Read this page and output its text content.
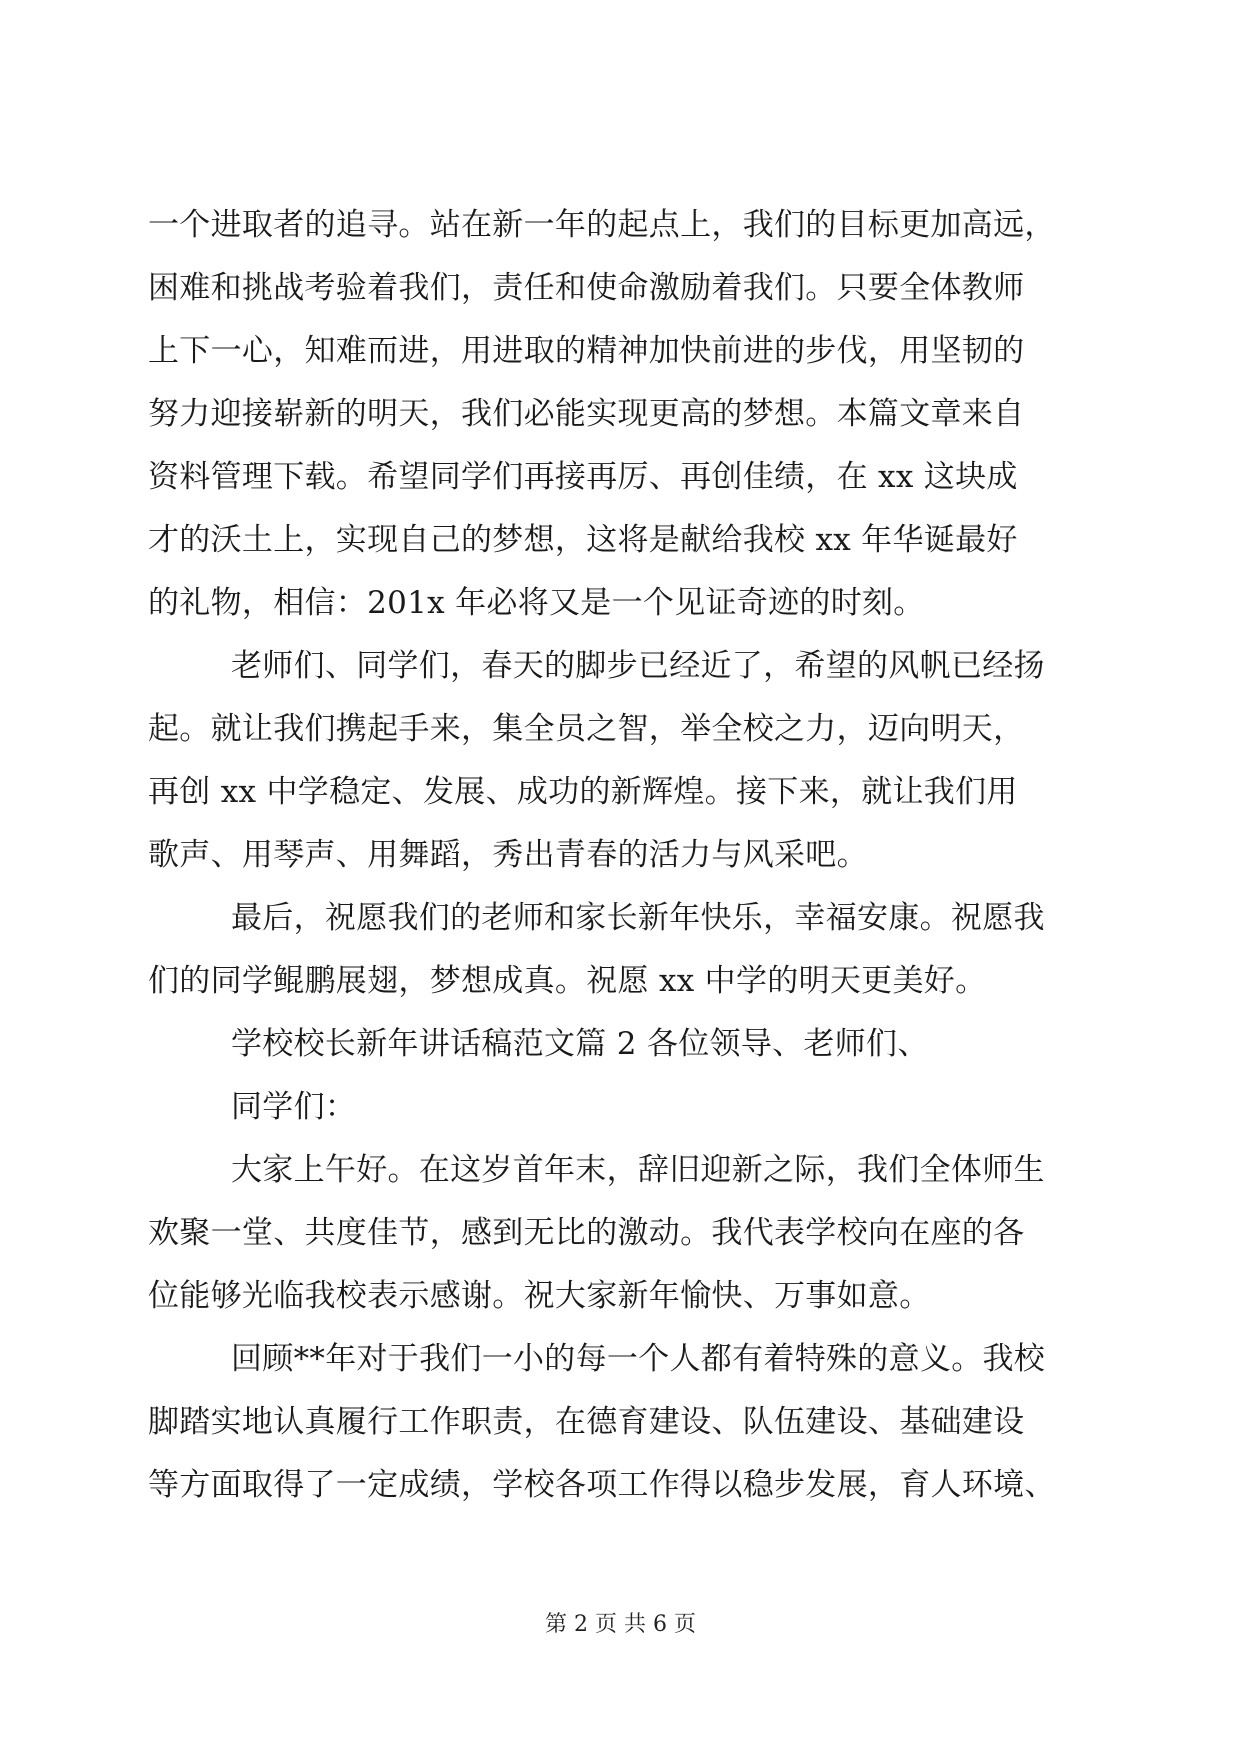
一个进取者的追寻。站在新一年的起点上，我们的目标更加高远，
困难和挑战考验着我们，责任和使命激励着我们。只要全体教师
上下一心，知难而进，用进取的精神加快前进的步伐，用坚韧的
努力迎接崭新的明天，我们必能实现更高的梦想。本篇文章来自
资料管理下载。希望同学们再接再厉、再创佳绩，在 xx 这块成
才的沃土上，实现自己的梦想，这将是献给我校 xx 年华诞最好
的礼物，相信：201x 年必将又是一个见证奇迹的时刻。
老师们、同学们，春天的脚步已经近了，希望的风帆已经扬
起。就让我们携起手来，集全员之智，举全校之力，迈向明天，
再创 xx 中学稳定、发展、成功的新辉煌。接下来，就让我们用
歌声、用琴声、用舞蹈，秀出青春的活力与风采吧。
最后，祝愿我们的老师和家长新年快乐，幸福安康。祝愿我
们的同学鲲鹏展翅，梦想成真。祝愿 xx 中学的明天更美好。
学校校长新年讲话稿范文篇 2 各位领导、老师们、
同学们：
大家上午好。在这岁首年末，辞旧迎新之际，我们全体师生
欢聚一堂、共度佳节，感到无比的激动。我代表学校向在座的各
位能够光临我校表示感谢。祝大家新年愉快、万事如意。
回顾**年对于我们一小的每一个人都有着特殊的意义。我校
脚踏实地认真履行工作职责，在德育建设、队伍建设、基础建设
等方面取得了一定成绩，学校各项工作得以稳步发展，育人环境、
第 2 页 共 6 页
